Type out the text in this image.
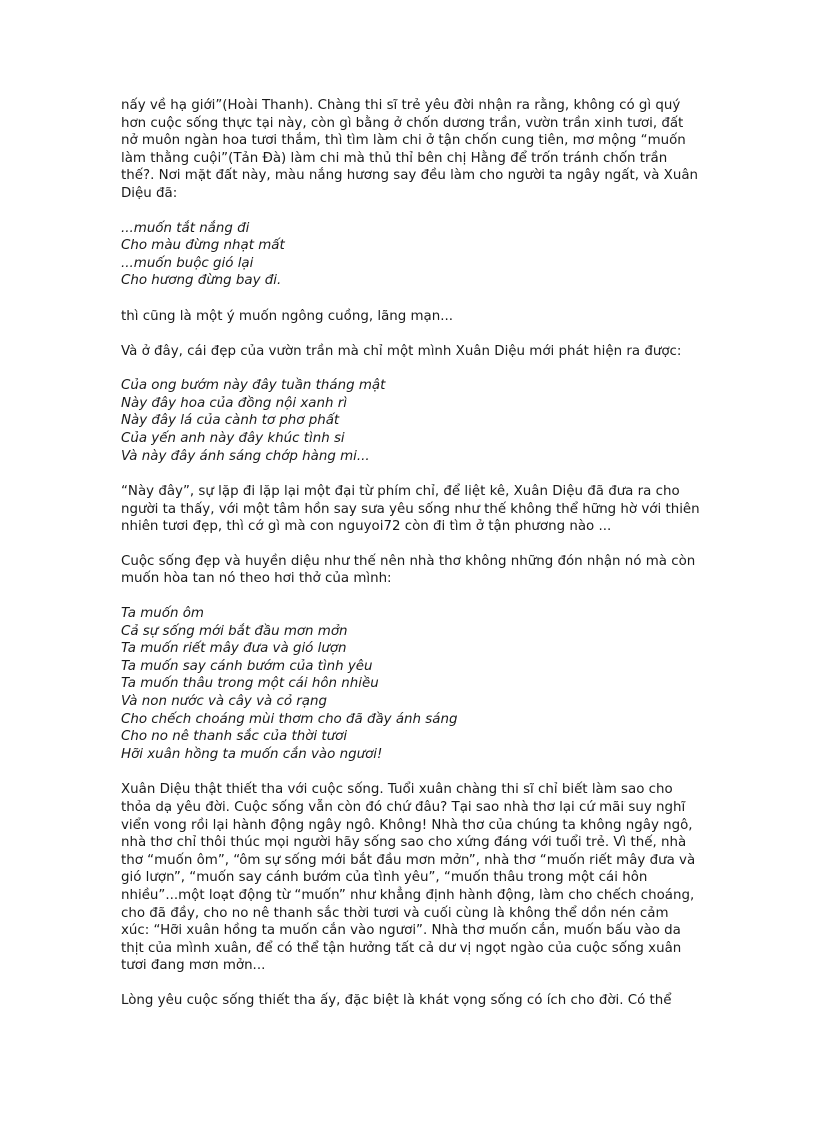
nấy về hạ giới”(Hoài Thanh). Chàng thi sĩ trẻ yêu đời nhận ra rằng, không có gì quý hơn cuộc sống thực tại này, còn gì bằng ở chốn dương trần, vườn trần xinh tươi, đất nở muôn ngàn hoa tươi thắm, thì tìm làm chi ở tận chốn cung tiên, mơ mộng “muốn làm thằng cuội”(Tản Đà) làm chi mà thủ thỉ bên chị Hằng để trốn tránh chốn trần thế?. Nơi mặt đất này, màu nắng hương say đều làm cho người ta ngây ngất, và Xuân Diệu đã:

...muốn tắt nắng đi
Cho màu đừng nhạt mất
...muốn buộc gió lại
Cho hương đừng bay đi.

thì cũng là một ý muốn ngông cuồng, lãng mạn...

Và ở đây, cái đẹp của vườn trần mà chỉ một mình Xuân Diệu mới phát hiện ra được:

Của ong bướm này đây tuần tháng mật
Này đây hoa của đồng nội xanh rì
Này đây lá của cành tơ phơ phất
Của yến anh này đây khúc tình si
Và này đây ánh sáng chớp hàng mi...

“Này đây”, sự lặp đi lặp lại một đại từ phím chỉ, để liệt kê, Xuân Diệu đã đưa ra cho người ta thấy, với một tâm hồn say sưa yêu sống như thế không thể hững hờ với thiên nhiên tươi đẹp, thì cớ gì mà con nguyoi72 còn đi tìm ở tận phương nào ...

Cuộc sống đẹp và huyền diệu như thế nên nhà thơ không những đón nhận nó mà còn muốn hòa tan nó theo hơi thở của mình:

Ta muốn ôm
Cả sự sống mới bắt đầu mơn mởn
Ta muốn riết mây đưa và gió lượn
Ta muốn say cánh bướm của tình yêu
Ta muốn thâu trong một cái hôn nhiều
Và non nước và cây và cỏ rạng
Cho chếch choáng mùi thơm cho đã đầy ánh sáng
Cho no nê thanh sắc của thời tươi
Hỡi xuân hồng ta muốn cắn vào ngươi!

Xuân Diệu thật thiết tha với cuộc sống. Tuổi xuân chàng thi sĩ chỉ biết làm sao cho thỏa dạ yêu đời. Cuộc sống vẫn còn đó chứ đâu? Tại sao nhà thơ lại cứ mãi suy nghĩ viển vong rồi lại hành động ngây ngô. Không! Nhà thơ của chúng ta không ngây ngô, nhà thơ chỉ thôi thúc mọi người hãy sống sao cho xứng đáng với tuổi trẻ. Vì thế, nhà thơ “muốn ôm”, “ôm sự sống mới bắt đầu mơn mởn”, nhà thơ “muốn riết mây đưa và gió lượn”, “muốn say cánh bướm của tình yêu”, “muốn thâu trong một cái hôn nhiều”...một loạt động từ “muốn” như khẳng định hành động, làm cho chếch choáng, cho đã đầy, cho no nê thanh sắc thời tươi và cuối cùng là không thể dồn nén cảm xúc: “Hỡi xuân hồng ta muốn cắn vào ngươi”. Nhà thơ muốn cắn, muốn bấu vào da thịt của mình xuân, để có thể tận hưởng tất cả dư vị ngọt ngào của cuộc sống xuân tươi đang mơn mởn...

Lòng yêu cuộc sống thiết tha ấy, đặc biệt là khát vọng sống có ích cho đời. Có thể
